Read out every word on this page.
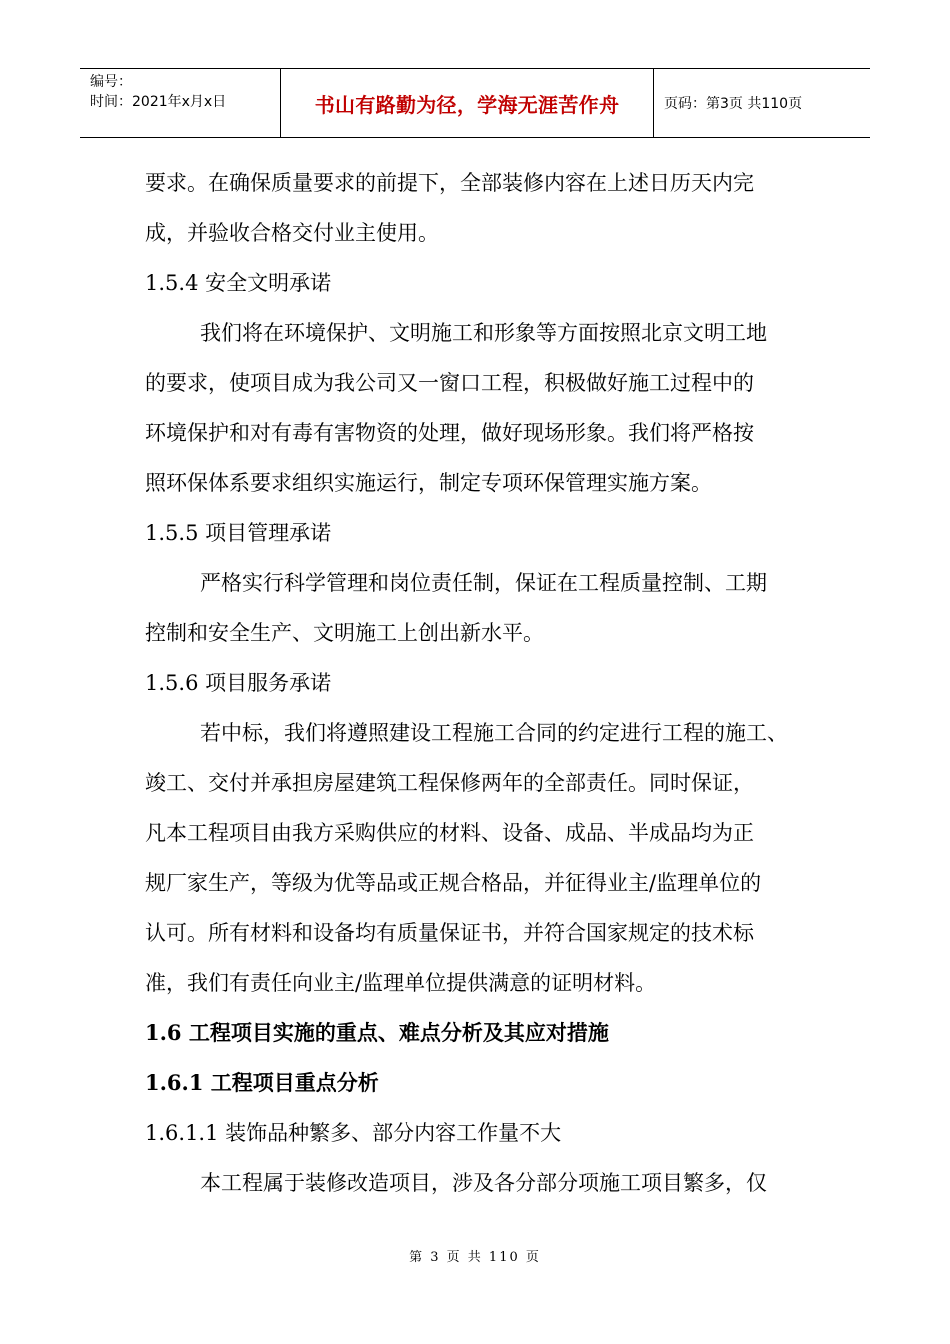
编号：
时间：2021年x月x日	书山有路勤为径，学海无涯苦作舟	页码：第3页 共110页

要求。在确保质量要求的前提下，全部装修内容在上述日历天内完

成，并验收合格交付业主使用。

1.5.4 安全文明承诺

我们将在环境保护、文明施工和形象等方面按照北京文明工地

的要求，使项目成为我公司又一窗口工程，积极做好施工过程中的

环境保护和对有毒有害物资的处理，做好现场形象。我们将严格按

照环保体系要求组织实施运行，制定专项环保管理实施方案。

1.5.5 项目管理承诺

严格实行科学管理和岗位责任制，保证在工程质量控制、工期

控制和安全生产、文明施工上创出新水平。

1.5.6 项目服务承诺

若中标，我们将遵照建设工程施工合同的约定进行工程的施工、

竣工、交付并承担房屋建筑工程保修两年的全部责任。同时保证，

凡本工程项目由我方采购供应的材料、设备、成品、半成品均为正

规厂家生产，等级为优等品或正规合格品，并征得业主/监理单位的

认可。所有材料和设备均有质量保证书，并符合国家规定的技术标

准，我们有责任向业主/监理单位提供满意的证明材料。

1.6 工程项目实施的重点、难点分析及其应对措施

1.6.1 工程项目重点分析

1.6.1.1 装饰品种繁多、部分内容工作量不大

本工程属于装修改造项目，涉及各分部分项施工项目繁多，仅

第 3 页 共 110 页
